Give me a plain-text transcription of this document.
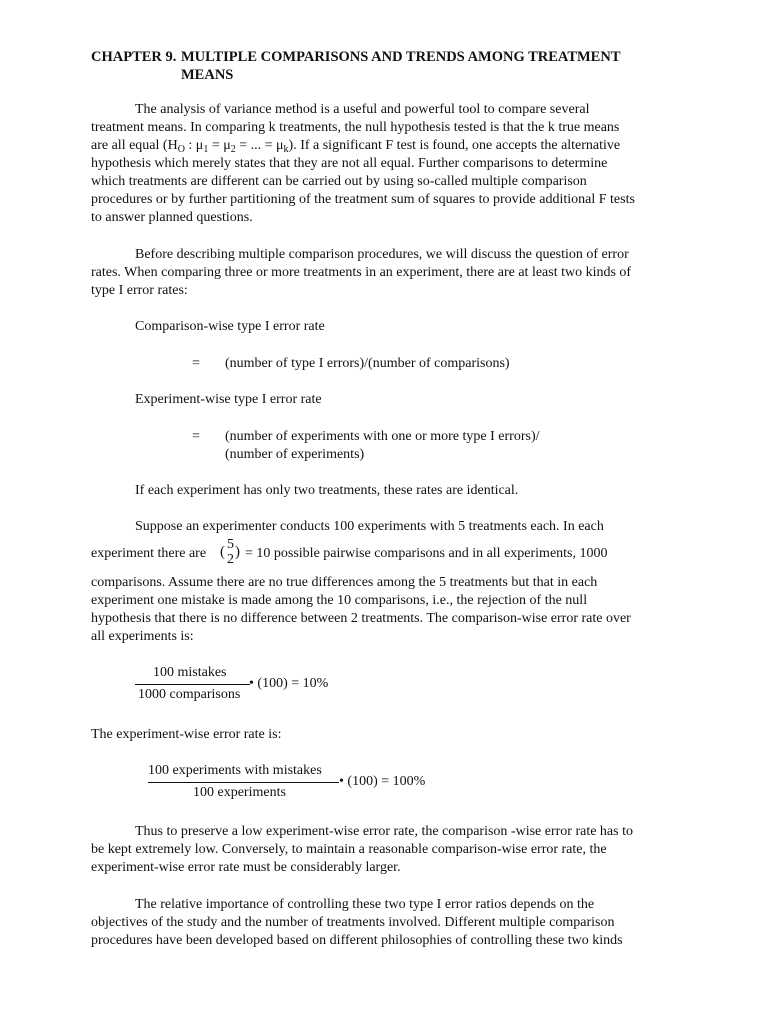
CHAPTER 9. MULTIPLE COMPARISONS AND TRENDS AMONG TREATMENT
MEANS
The analysis of variance method is a useful and powerful tool to compare several
treatment means. In comparing k treatments, the null hypothesis tested is that the k true means
are all equal ($H_O$ : $\mu_1 = \mu_2$ = ... = $\mu_k$). If a significant F test is found, one accepts the alternative
hypothesis which merely states that they are not all equal. Further comparisons to determine
which treatments are different can be carried out by using so-called multiple comparison
procedures or by further partitioning of the treatment sum of squares to provide additional F tests
to answer planned questions.
Before describing multiple comparison procedures, we will discuss the question of error
rates. When comparing three or more treatments in an experiment, there are at least two kinds of
type I error rates:
Comparison-wise type I error rate
= (number of type I errors)/(number of comparisons)
Experiment-wise type I error rate
= (number of experiments with one or more type I errors)/
(number of experiments)
If each experiment has only two treatments, these rates are identical.
Suppose an experimenter conducts 100 experiments with 5 treatments each. In each
experiment there are ( 5
2 ) = 10 possible pairwise comparisons and in all experiments, 1000
comparisons. Assume there are no true differences among the 5 treatments but that in each
experiment one mistake is made among the 10 comparisons, i.e., the rejection of the null
hypothesis that there is no difference between 2 treatments. The comparison-wise error rate over
all experiments is:
100 mistakes
1000 comparisons
• (100) = 10%
The experiment-wise error rate is:
100 experiments with mistakes
100 experiments
• (100) = 100%
Thus to preserve a low experiment-wise error rate, the comparison -wise error rate has to
be kept extremely low. Conversely, to maintain a reasonable comparison-wise error rate, the
experiment-wise error rate must be considerably larger.
The relative importance of controlling these two type I error ratios depends on the
objectives of the study and the number of treatments involved. Different multiple comparison
procedures have been developed based on different philosophies of controlling these two kinds
